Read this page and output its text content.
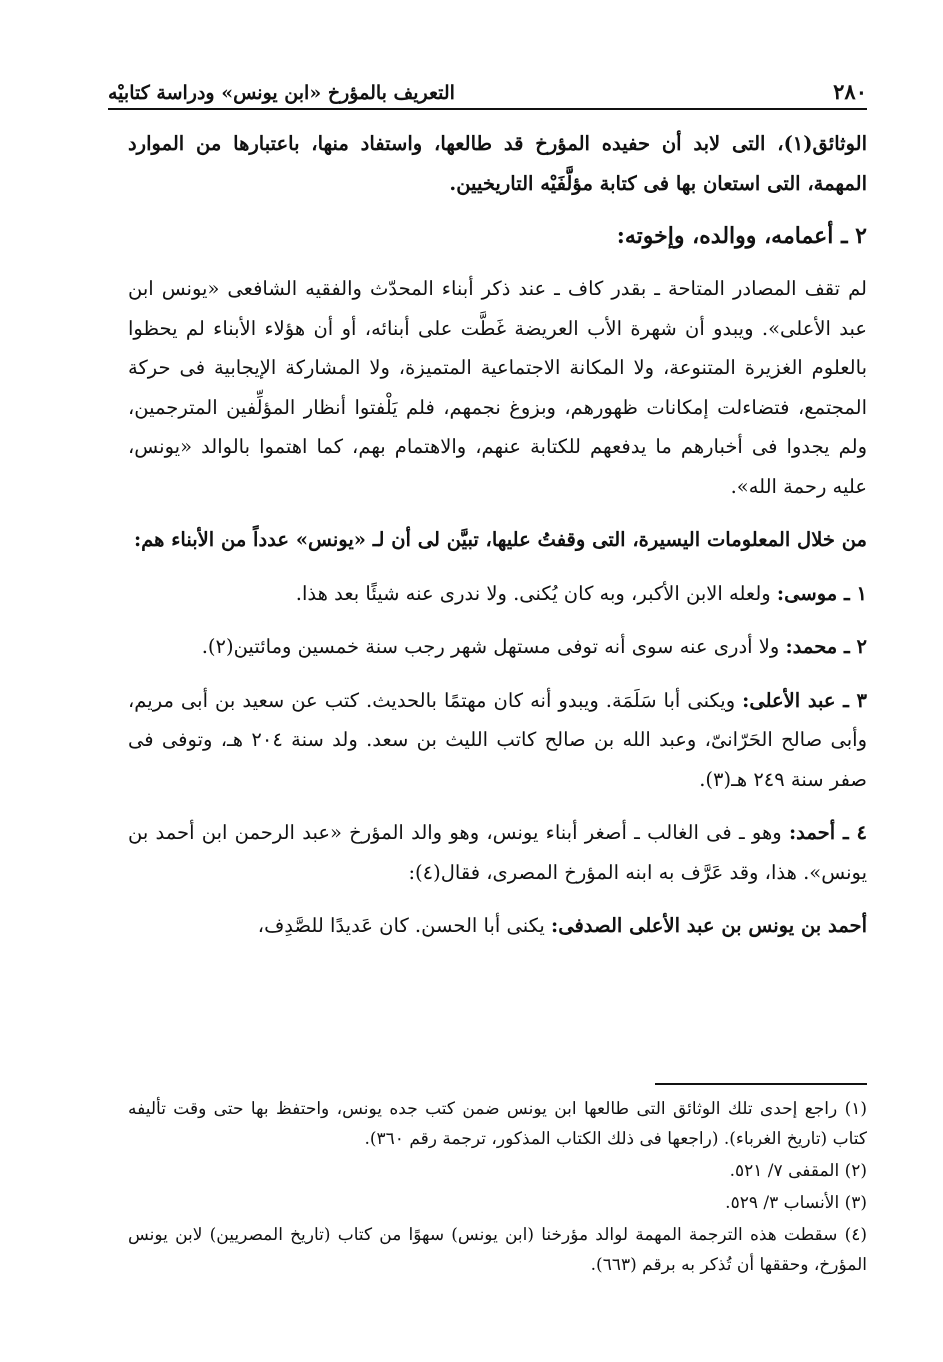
التعريف بالمؤرخ «ابن يونس» ودراسة كتابيْه	٢٨٠

الوثائق(١)، التى لابد أن حفيده المؤرخ قد طالعها، واستفاد منها، باعتبارها من الموارد المهمة، التى استعان بها فى كتابة مؤلَّفَيْه التاريخيين.

٢ ـ أعمامه، ووالده، وإخوته:

لم تقف المصادر المتاحة ـ بقدر كاف ـ عند ذكر أبناء المحدّث والفقيه الشافعى «يونس ابن عبد الأعلى». ويبدو أن شهرة الأب العريضة غَطَّت على أبنائه، أو أن هؤلاء الأبناء لم يحظوا بالعلوم الغزيرة المتنوعة، ولا المكانة الاجتماعية المتميزة، ولا المشاركة الإيجابية فى حركة المجتمع، فتضاءلت إمكانات ظهورهم، وبزوغ نجمهم، فلم يَلْفتوا أنظار المؤلِّفين المترجمين، ولم يجدوا فى أخبارهم ما يدفعهم للكتابة عنهم، والاهتمام بهم، كما اهتموا بالوالد «يونس، عليه رحمة الله».

من خلال المعلومات اليسيرة، التى وقفتُ عليها، تبيَّن لى أن لـ «يونس» عدداً من الأبناء هم:

١ ـ موسى: ولعله الابن الأكبر، وبه كان يُكنى. ولا ندرى عنه شيئًا بعد هذا.

٢ ـ محمد: ولا أدرى عنه سوى أنه توفى مستهل شهر رجب سنة خمسين ومائتين(٢).

٣ ـ عبد الأعلى: ويكنى أبا سَلَمَة. ويبدو أنه كان مهتمًا بالحديث. كتب عن سعيد بن أبى مريم، وأبى صالح الحَرّانىّ، وعبد الله بن صالح كاتب الليث بن سعد. ولد سنة ٢٠٤ هـ، وتوفى فى صفر سنة ٢٤٩ هـ(٣).

٤ ـ أحمد: وهو ـ فى الغالب ـ أصغر أبناء يونس، وهو والد المؤرخ «عبد الرحمن ابن أحمد بن يونس». هذا، وقد عَرَّف به ابنه المؤرخ المصرى، فقال(٤):

أحمد بن يونس بن عبد الأعلى الصدفى: يكنى أبا الحسن. كان عَديدًا للصَّدِف،

(١) راجع إحدى تلك الوثائق التى طالعها ابن يونس ضمن كتب جده يونس، واحتفظ بها حتى وقت تأليفه كتاب (تاريخ الغرباء). (راجعها فى ذلك الكتاب المذكور، ترجمة رقم ٣٦٠).

(٢) المقفى ٧/ ٥٢١.

(٣) الأنساب ٣/ ٥٢٩.

(٤) سقطت هذه الترجمة المهمة لوالد مؤرخنا (ابن يونس) سهوًا من كتاب (تاريخ المصريين) لابن يونس المؤرخ، وحققها أن تُذكر به برقم (٦٦٣).
